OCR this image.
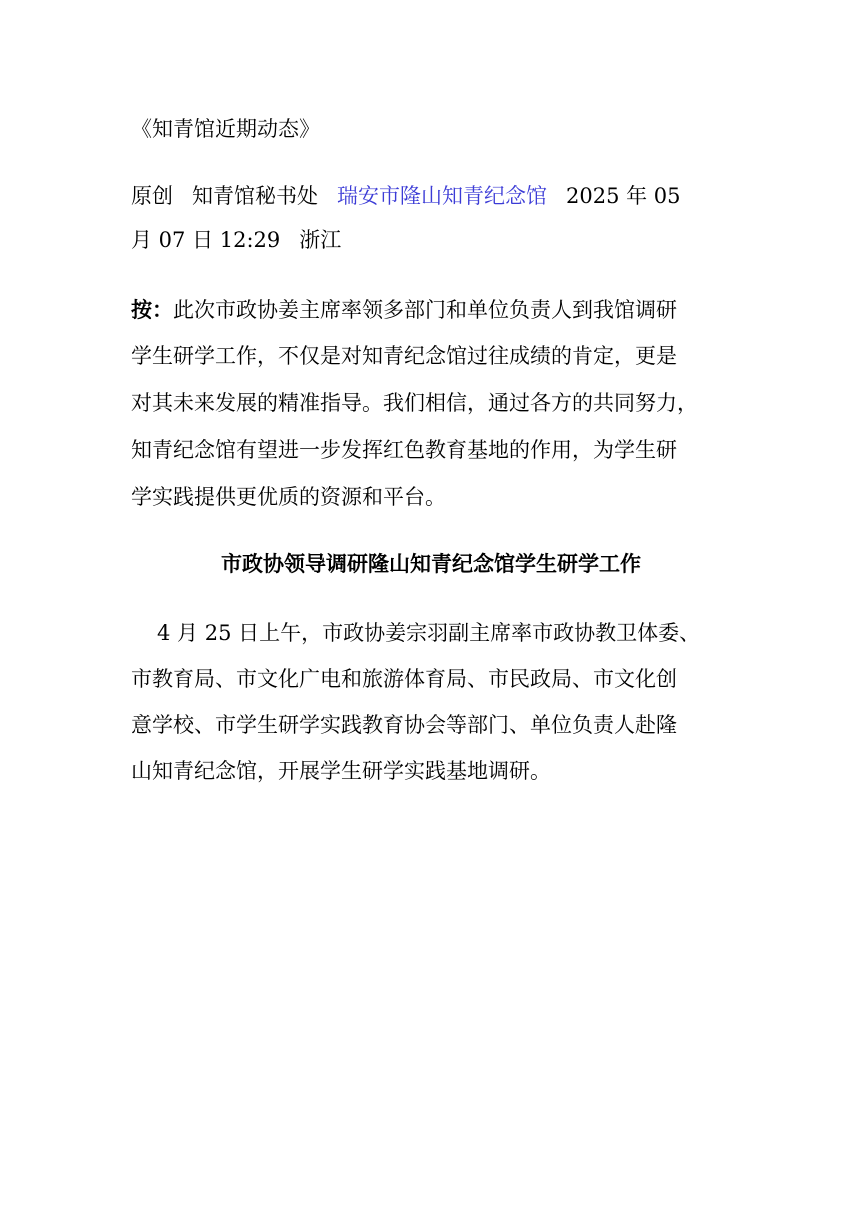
《知青馆近期动态》
原创 知青馆秘书处 瑞安市隆山知青纪念馆 2025 年 05
月 07 日 12:29 浙江
按：此次市政协姜主席率领多部门和单位负责人到我馆调研
学生研学工作，不仅是对知青纪念馆过往成绩的肯定，更是
对其未来发展的精准指导。我们相信，通过各方的共同努力，
知青纪念馆有望进一步发挥红色教育基地的作用，为学生研
学实践提供更优质的资源和平台。
市政协领导调研隆山知青纪念馆学生研学工作
4 月 25 日上午，市政协姜宗羽副主席率市政协教卫体委、
市教育局、市文化广电和旅游体育局、市民政局、市文化创
意学校、市学生研学实践教育协会等部门、单位负责人赴隆
山知青纪念馆，开展学生研学实践基地调研。
